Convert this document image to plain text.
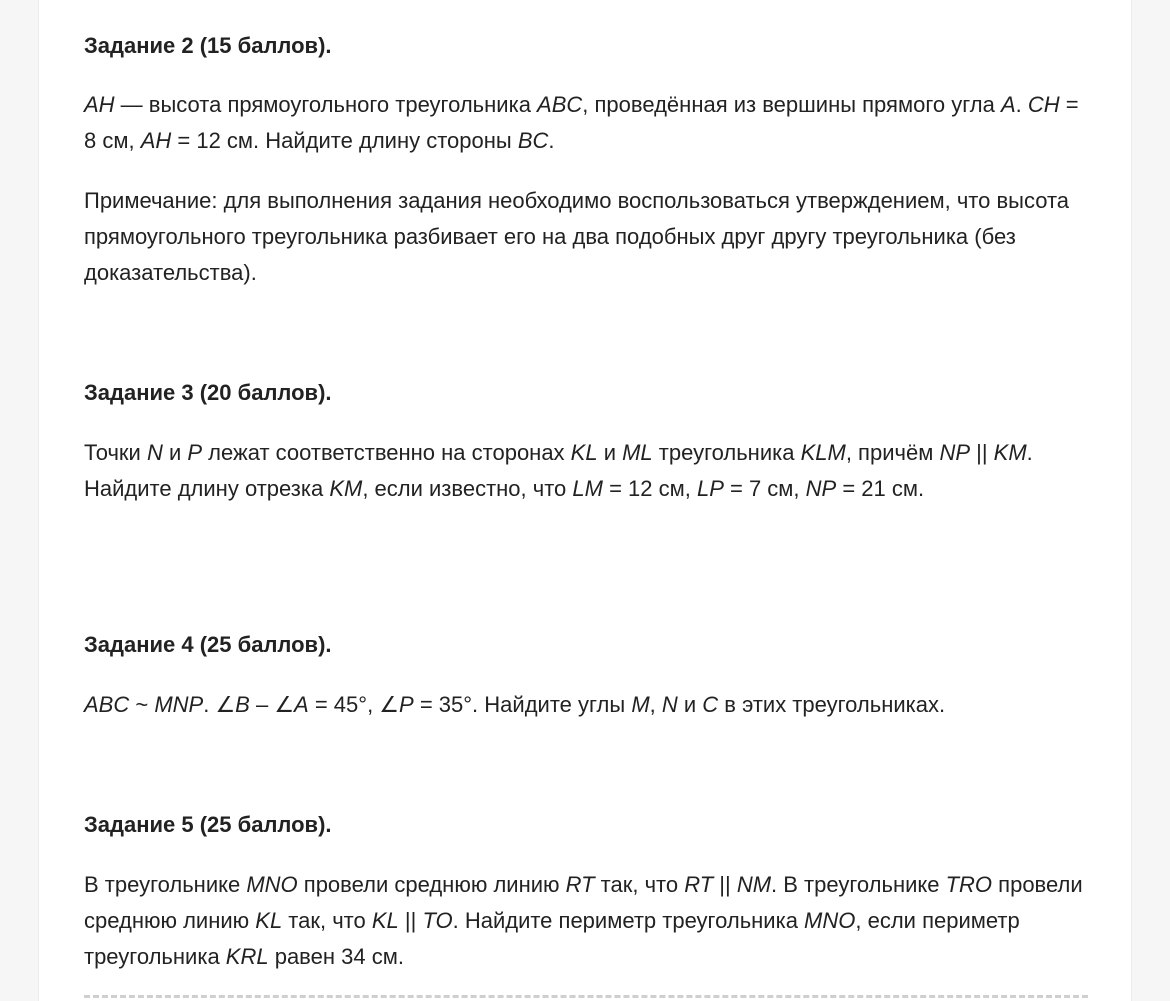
Задание 2 (15 баллов).

AH — высота прямоугольного треугольника ABC, проведённая из вершины прямого угла A. CH = 8 см, AH = 12 см. Найдите длину стороны BC.

Примечание: для выполнения задания необходимо воспользоваться утверждением, что высота прямоугольного треугольника разбивает его на два подобных друг другу треугольника (без доказательства).

Задание 3 (20 баллов).

Точки N и P лежат соответственно на сторонах KL и ML треугольника KLM, причём NP || KM. Найдите длину отрезка KM, если известно, что LM = 12 см, LP = 7 см, NP = 21 см.

Задание 4 (25 баллов).

ABC ~ MNP. ∠B – ∠A = 45°, ∠P = 35°. Найдите углы M, N и C в этих треугольниках.

Задание 5 (25 баллов).

В треугольнике MNO провели среднюю линию RT так, что RT || NM. В треугольнике TRO провели среднюю линию KL так, что KL || TO. Найдите периметр треугольника MNO, если периметр треугольника KRL равен 34 см.
